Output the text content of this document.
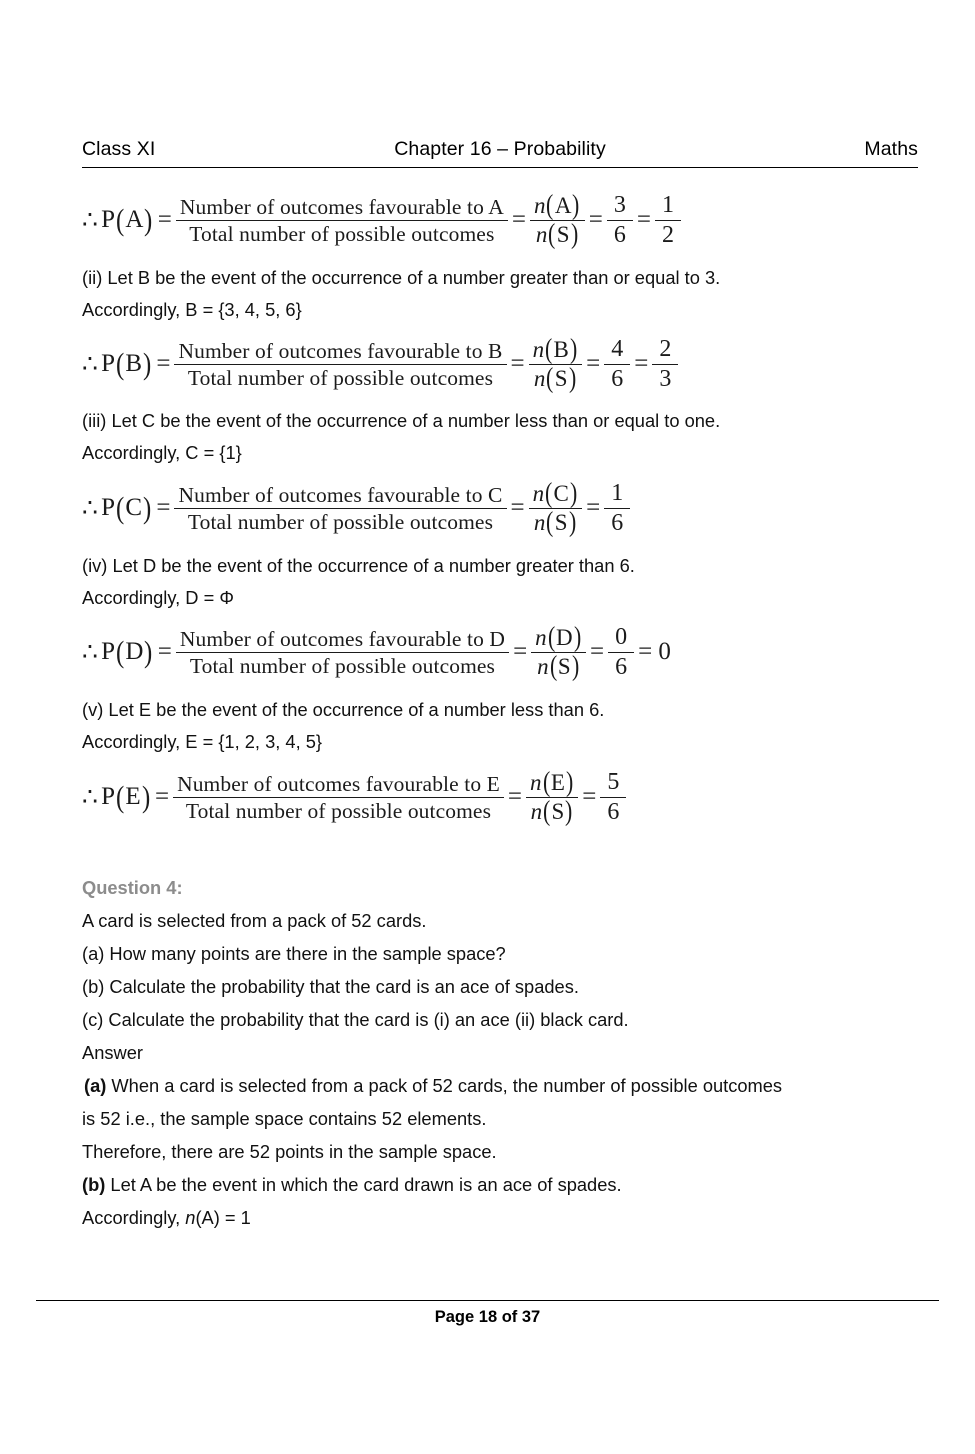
Class XI	Chapter 16 – Probability	Maths
∴ P ( A ) = $\frac{\text{Number of outcomes favourable to A}}{\text{Total number of possible outcomes}} = \frac{n(A)}{n(S)} = \frac{3}{6} = \frac{1}{2}$
(ii) Let B be the event of the occurrence of a number greater than or equal to 3.
Accordingly, B = {3, 4, 5, 6}
∴ P ( B ) = $\frac{\text{Number of outcomes favourable to B}}{\text{Total number of possible outcomes}} = \frac{n(B)}{n(S)} = \frac{4}{6} = \frac{2}{3}$
(iii) Let C be the event of the occurrence of a number less than or equal to one.
Accordingly, C = {1}
∴ P ( C ) = $\frac{\text{Number of outcomes favourable to C}}{\text{Total number of possible outcomes}} = \frac{n(C)}{n(S)} = \frac{1}{6}$
(iv) Let D be the event of the occurrence of a number greater than 6.
Accordingly, D = Φ
∴ P ( D ) = $\frac{\text{Number of outcomes favourable to D}}{\text{Total number of possible outcomes}} = \frac{n(D)}{n(S)} = \frac{0}{6} = 0$
(v) Let E be the event of the occurrence of a number less than 6.
Accordingly, E = {1, 2, 3, 4, 5}
∴ P ( E ) = $\frac{\text{Number of outcomes favourable to E}}{\text{Total number of possible outcomes}} = \frac{n(E)}{n(S)} = \frac{5}{6}$
Question 4:
A card is selected from a pack of 52 cards.
(a) How many points are there in the sample space?
(b) Calculate the probability that the card is an ace of spades.
(c) Calculate the probability that the card is (i) an ace (ii) black card.
Answer
(a) When a card is selected from a pack of 52 cards, the number of possible outcomes
is 52 i.e., the sample space contains 52 elements.
Therefore, there are 52 points in the sample space.
(b) Let A be the event in which the card drawn is an ace of spades.
Accordingly, n(A) = 1
Page 18 of 37
